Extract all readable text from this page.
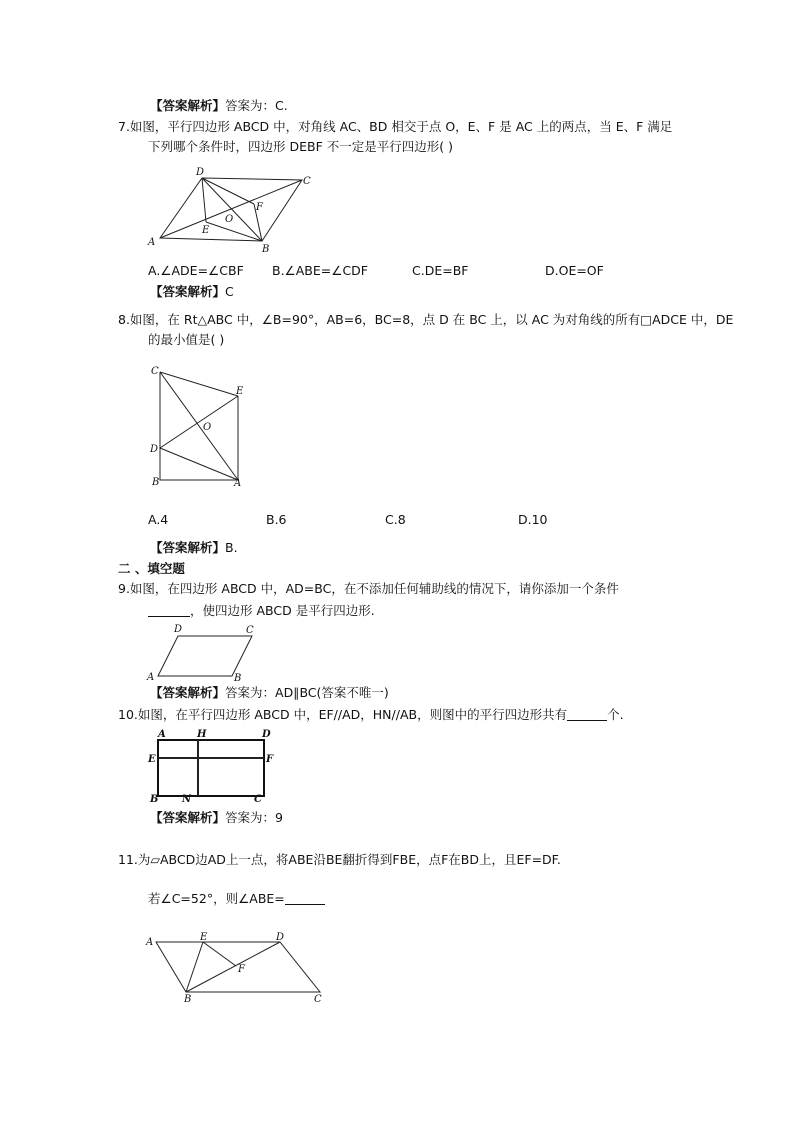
【答案解析】答案为：C.
7.如图，平行四边形 ABCD 中，对角线 AC、BD 相交于点 O，E、F 是 AC 上的两点，当 E、F 满足
下列哪个条件时，四边形 DEBF 不一定是平行四边形( )
A
D
C
B
E
F
O
A.∠ADE=∠CBF B.∠ABE=∠CDF	C.DE=BF	D.OE=OF
【答案解析】C
8.如图，在 Rt△ABC 中，∠B=90°，AB=6，BC=8，点 D 在 BC 上，以 AC 为对角线的所有□ADCE 中，DE
的最小值是( )
C
E
O
D
B	A
A.4	B.6	C.8	D.10
【答案解析】B.
二 、填空题
9.如图，在四边形 ABCD 中，AD=BC，在不添加任何辅助线的情况下，请你添加一个条件
，使四边形 ABCD 是平行四边形.
D	C
A	B
【答案解析】答案为：AD∥BC(答案不唯一)
10.如图，在平行四边形 ABCD 中，EF//AD，HN//AB，则图中的平行四边形共有	个.
A	H	D
E	F
B N	C
【答案解析】答案为：9
11.为▱ABCD边AD上一点，将ABE沿BE翻折得到FBE，点F在BD上，且EF=DF.
若∠C=52°，则∠ABE=
A	E	D
F
B	C
